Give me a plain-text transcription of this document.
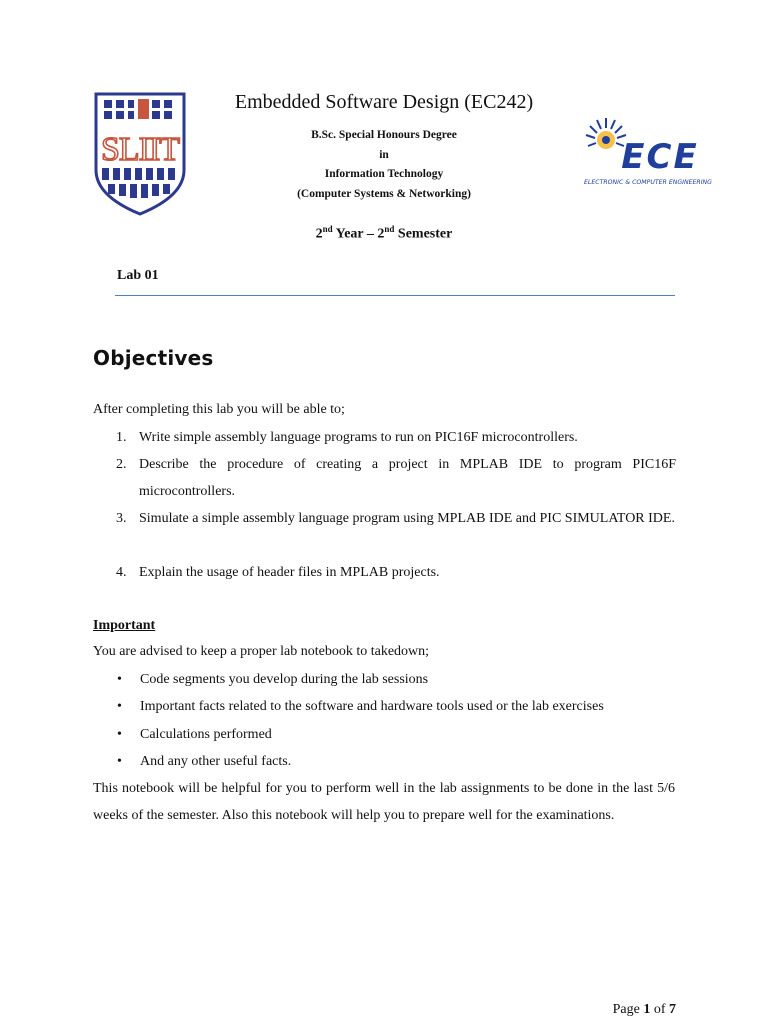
SLIIT	ECE
ELECTRONIC & COMPUTER ENGINEERING
Embedded Software Design (EC242)
B.Sc. Special Honours Degree
in
Information Technology
(Computer Systems & Networking)
2nd Year – 2nd Semester
Lab 01
Objectives
After completing this lab you will be able to;
1. Write simple assembly language programs to run on PIC16F microcontrollers.
2. Describe the procedure of creating a project in MPLAB IDE to program PIC16F microcontrollers.
3. Simulate a simple assembly language program using MPLAB IDE and PIC SIMULATOR IDE.
4. Explain the usage of header files in MPLAB projects.
Important
You are advised to keep a proper lab notebook to takedown;
• Code segments you develop during the lab sessions
• Important facts related to the software and hardware tools used or the lab exercises
• Calculations performed
• And any other useful facts.
This notebook will be helpful for you to perform well in the lab assignments to be done in the last 5/6 weeks of the semester. Also this notebook will help you to prepare well for the examinations.
Page 1 of 7
